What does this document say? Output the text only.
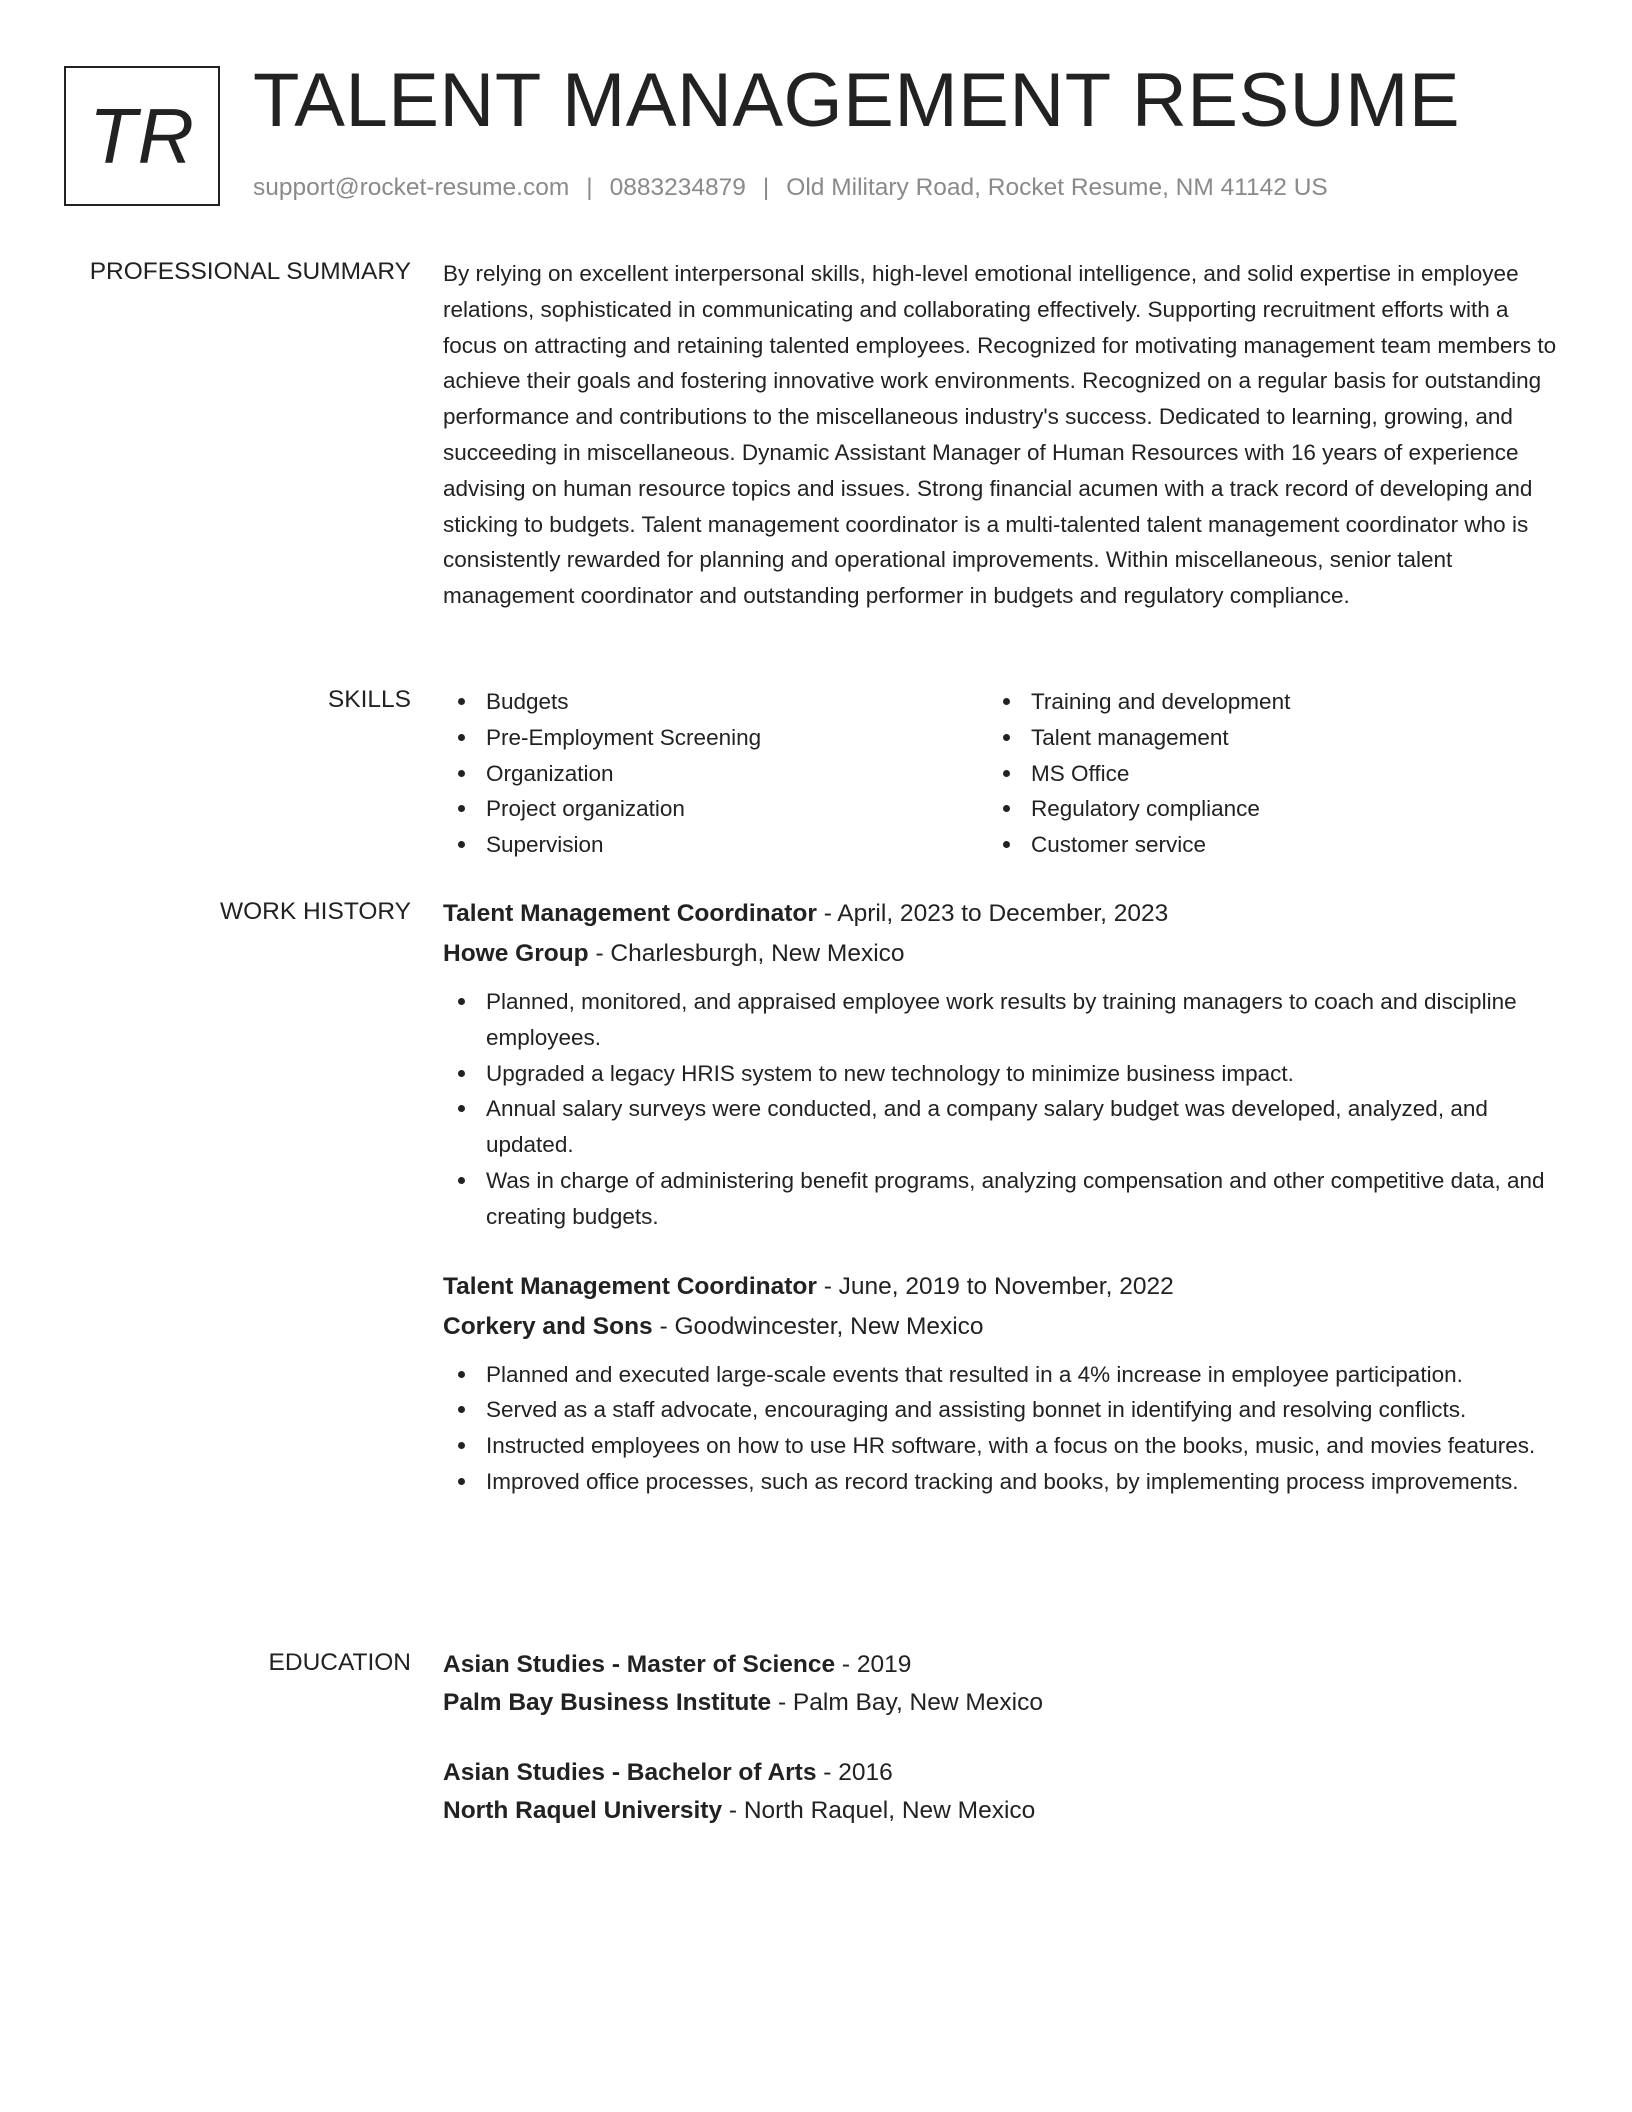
TR TALENT MANAGEMENT RESUME
support@rocket-resume.com | 0883234879 | Old Military Road, Rocket Resume, NM 41142 US
PROFESSIONAL SUMMARY By relying on excellent interpersonal skills, high-level emotional intelligence, and solid expertise in employee relations, sophisticated in communicating and collaborating effectively. Supporting recruitment efforts with a focus on attracting and retaining talented employees. Recognized for motivating management team members to achieve their goals and fostering innovative work environments. Recognized on a regular basis for outstanding performance and contributions to the miscellaneous industry's success. Dedicated to learning, growing, and succeeding in miscellaneous. Dynamic Assistant Manager of Human Resources with 16 years of experience advising on human resource topics and issues. Strong financial acumen with a track record of developing and sticking to budgets. Talent management coordinator is a multi-talented talent management coordinator who is consistently rewarded for planning and operational improvements. Within miscellaneous, senior talent management coordinator and outstanding performer in budgets and regulatory compliance.

SKILLS	Budgets
Pre-Employment Screening
Organization
Project organization
Supervision
Training and development
Talent management
MS Office
Regulatory compliance
Customer service
WORK HISTORY Talent Management Coordinator - April, 2023 to December, 2023
Howe Group - Charlesburgh, New Mexico
Planned, monitored, and appraised employee work results by training managers to coach and discipline employees.
Upgraded a legacy HRIS system to new technology to minimize business impact.
Annual salary surveys were conducted, and a company salary budget was developed, analyzed, and updated.
Was in charge of administering benefit programs, analyzing compensation and other competitive data, and creating budgets.
Talent Management Coordinator - June, 2019 to November, 2022
Corkery and Sons - Goodwincester, New Mexico
Planned and executed large-scale events that resulted in a 4% increase in employee participation.
Served as a staff advocate, encouraging and assisting bonnet in identifying and resolving conflicts.
Instructed employees on how to use HR software, with a focus on the books, music, and movies features.
Improved office processes, such as record tracking and books, by implementing process improvements.
EDUCATION Asian Studies - Master of Science - 2019
Palm Bay Business Institute - Palm Bay, New Mexico
Asian Studies - Bachelor of Arts - 2016
North Raquel University - North Raquel, New Mexico
